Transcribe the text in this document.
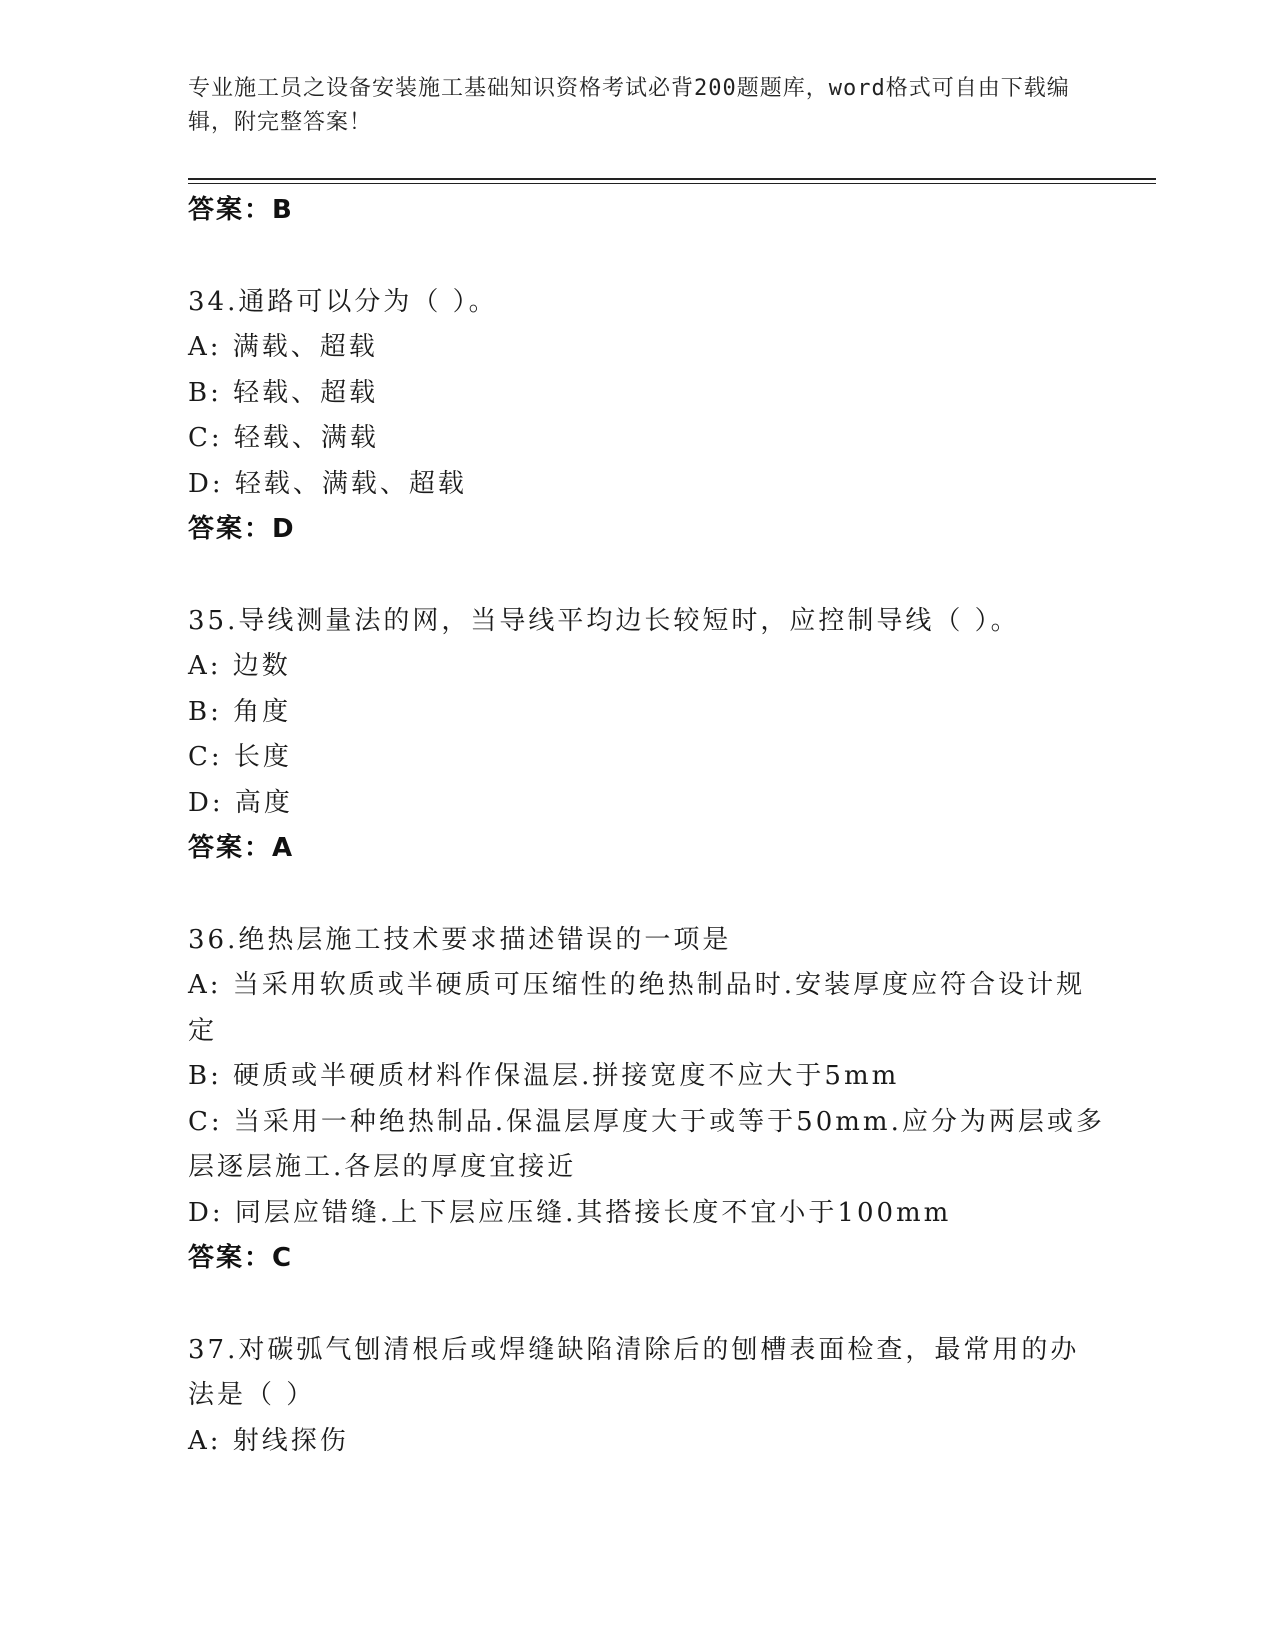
专业施工员之设备安装施工基础知识资格考试必背200题题库，word格式可自由下载编辑，附完整答案！
答案：B
34.通路可以分为（ ）。
A: 满载、超载
B: 轻载、超载
C: 轻载、满载
D: 轻载、满载、超载
答案：D
35.导线测量法的网，当导线平均边长较短时，应控制导线（ ）。
A: 边数
B: 角度
C: 长度
D: 高度
答案：A
36.绝热层施工技术要求描述错误的一项是
A: 当采用软质或半硬质可压缩性的绝热制品时.安装厚度应符合设计规定
B: 硬质或半硬质材料作保温层.拼接宽度不应大于5mm
C: 当采用一种绝热制品.保温层厚度大于或等于50mm.应分为两层或多层逐层施工.各层的厚度宜接近
D: 同层应错缝.上下层应压缝.其搭接长度不宜小于100mm
答案：C
37.对碳弧气刨清根后或焊缝缺陷清除后的刨槽表面检查，最常用的办法是（ ）
A: 射线探伤
